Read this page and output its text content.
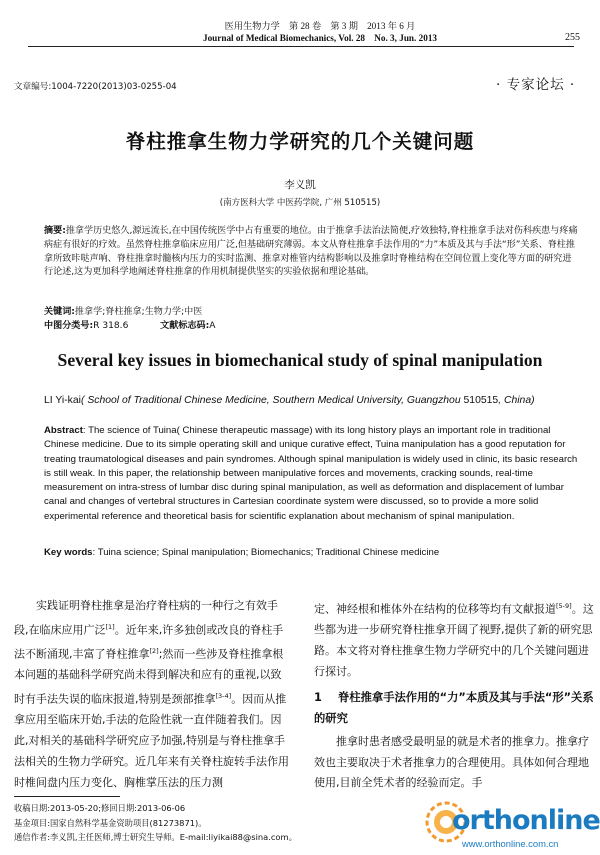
医用生物力学　第 28 卷　第 3 期　2013 年 6 月
Journal of Medical Biomechanics, Vol. 28　No. 3, Jun. 2013	255
文章编号:1004-7220(2013)03-0255-04	· 专家论坛 ·
脊柱推拿生物力学研究的几个关键问题
李义凯
(南方医科大学 中医药学院, 广州 510515)
摘要:推拿学历史悠久,源远流长,在中国传统医学中占有重要的地位。由于推拿手法治法简便,疗效独特,脊柱推拿手法对伤科疾患与疼痛病症有很好的疗效。虽然脊柱推拿临床应用广泛,但基础研究薄弱。本文从脊柱推拿手法作用的“力”本质及其与手法“形”关系、脊柱推拿所致咔哒声响、脊柱推拿时髓核内压力的实时监测、推拿对椎管内结构影响以及推拿时脊椎结构在空间位置上变化等方面的研究进行论述,这为更加科学地阐述脊柱推拿的作用机制提供坚实的实验依据和理论基础。
关键词:推拿学;脊柱推拿;生物力学;中医
中图分类号:R 318.6	文献标志码:A
Several key issues in biomechanical study of spinal manipulation
LI Yi-kai( School of Traditional Chinese Medicine, Southern Medical University, Guangzhou 510515, China)
Abstract: The science of Tuina( Chinese therapeutic massage) with its long history plays an important role in traditional Chinese medicine. Due to its simple operating skill and unique curative effect, Tuina manipulation has a good reputation for treating traumatological diseases and pain syndromes. Although spinal manipulation is widely used in clinic, its basic research is still weak. In this paper, the relationship between manipulative forces and movements, cracking sounds, real-time measurement on intra-stress of lumbar disc during spinal manipulation, as well as deformation and displacement of lumbar canal and changes of vertebral structures in Cartesian coordinate system were discussed, so to provide a more solid experimental reference and theoretical basis for scientific explanation about mechanism of spinal manipulation.
Key words: Tuina science; Spinal manipulation; Biomechanics; Traditional Chinese medicine
实践证明脊柱推拿是治疗脊柱病的一种行之有效手段,在临床应用广泛[1]。近年来,许多独创或改良的脊柱手法不断涌现,丰富了脊柱推拿[2];然而一些涉及脊柱推拿根本问题的基础科学研究尚未得到解决和应有的重视,以致时有手法失误的临床报道,特别是颈部推拿[3-4]。因而从推拿应用至临床开始,手法的危险性就一直伴随着我们。因此,对相关的基础科学研究应予加强,特别是与脊柱推拿手法相关的生物力学研究。近几年来有关脊柱旋转手法作用时椎间盘内压力变化、胸椎掌压法的压力测
定、神经根和椎体外在结构的位移等均有文献报道[5-9]。这些都为进一步研究脊柱推拿开阔了视野,提供了新的研究思路。本文将对脊柱推拿生物力学研究中的几个关键问题进行探讨。
1 脊柱推拿手法作用的“力”本质及其与手法“形”关系的研究
推拿时患者感受最明显的就是术者的推拿力。推拿疗效也主要取决于术者推拿力的合理使用。具体如何合理地使用,目前全凭术者的经验而定。手
收稿日期:2013-05-20;修回日期:2013-06-06
基金项目:国家自然科学基金资助项目(81273871)。
通信作者:李义凯,主任医师,博士研究生导师。E-mail:liyikai88@sina.com。
orthonline
www.orthonline.com.cn
